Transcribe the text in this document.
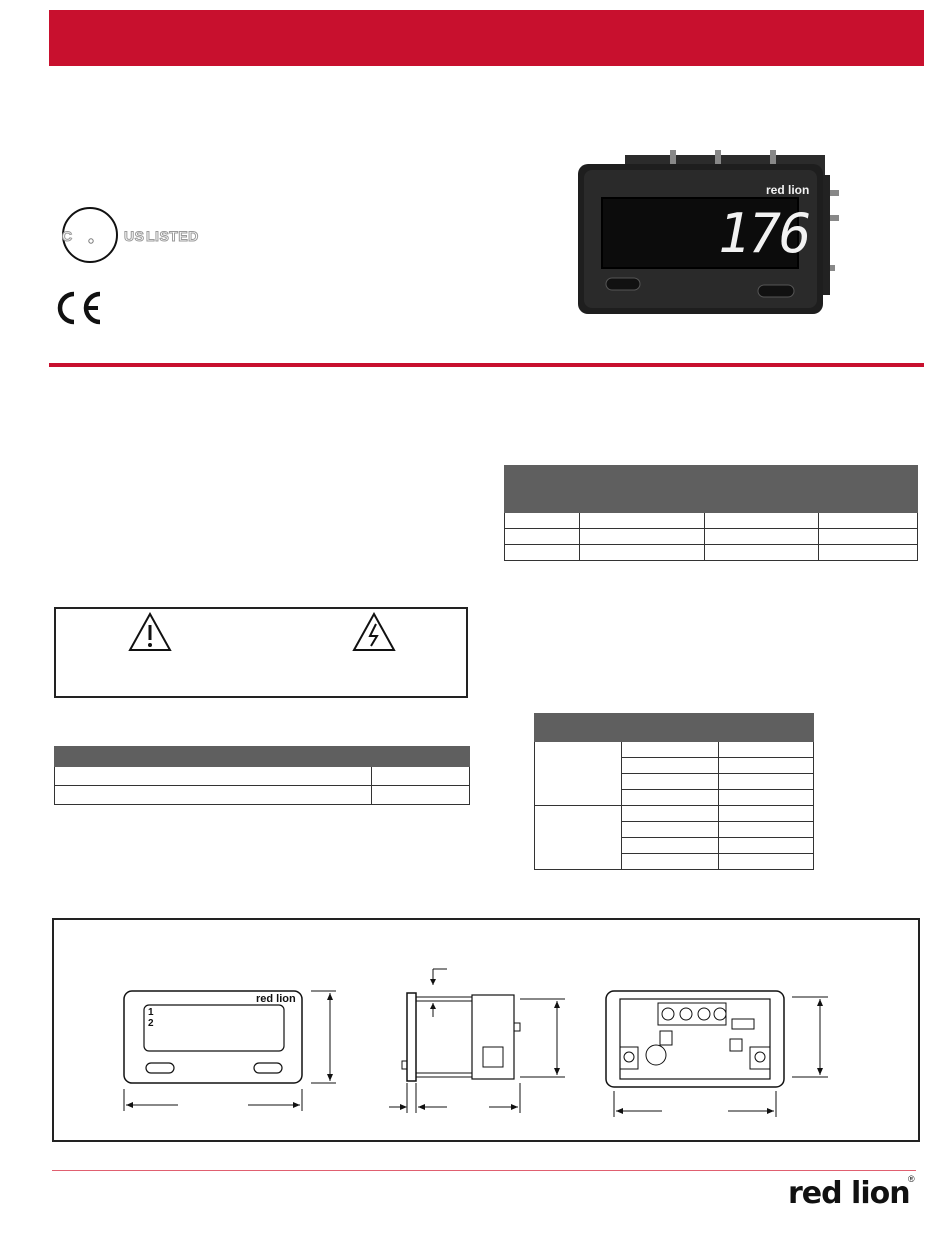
C	US LISTED	176
red lion

red lion
1
2
red lion
®
